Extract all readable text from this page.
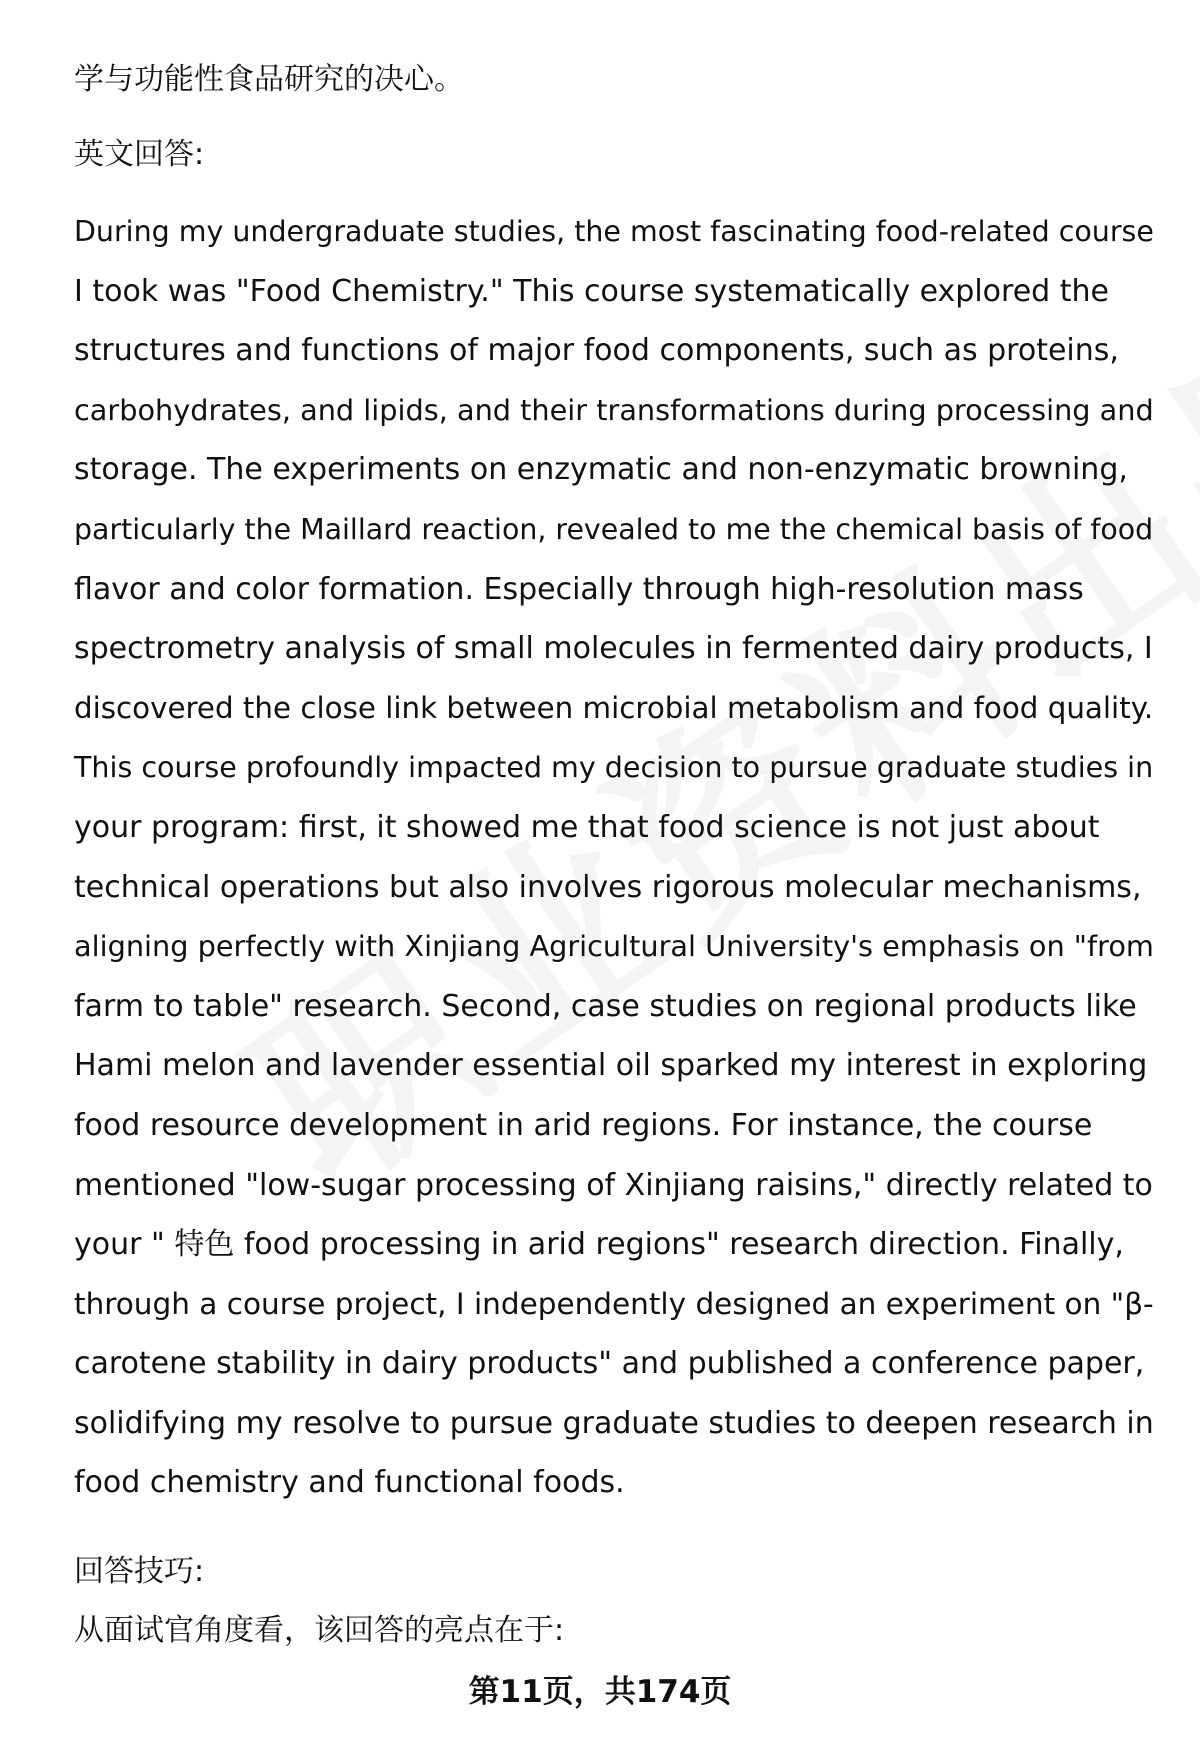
学与功能性食品研究的决心。
英文回答:
During my undergraduate studies, the most fascinating food-related course
I took was "Food Chemistry." This course systematically explored the
structures and functions of major food components, such as proteins,
carbohydrates, and lipids, and their transformations during processing and
storage. The experiments on enzymatic and non-enzymatic browning,
particularly the Maillard reaction, revealed to me the chemical basis of food
flavor and color formation. Especially through high-resolution mass
spectrometry analysis of small molecules in fermented dairy products, I
discovered the close link between microbial metabolism and food quality.
This course profoundly impacted my decision to pursue graduate studies in
your program: first, it showed me that food science is not just about
technical operations but also involves rigorous molecular mechanisms,
aligning perfectly with Xinjiang Agricultural University's emphasis on "from
farm to table" research. Second, case studies on regional products like
Hami melon and lavender essential oil sparked my interest in exploring
food resource development in arid regions. For instance, the course
mentioned "low-sugar processing of Xinjiang raisins," directly related to
your " 特色 food processing in arid regions" research direction. Finally,
through a course project, I independently designed an experiment on "β-
carotene stability in dairy products" and published a conference paper,
solidifying my resolve to pursue graduate studies to deepen research in
food chemistry and functional foods.
回答技巧:
从面试官角度看，该回答的亮点在于:
第11页，共174页
